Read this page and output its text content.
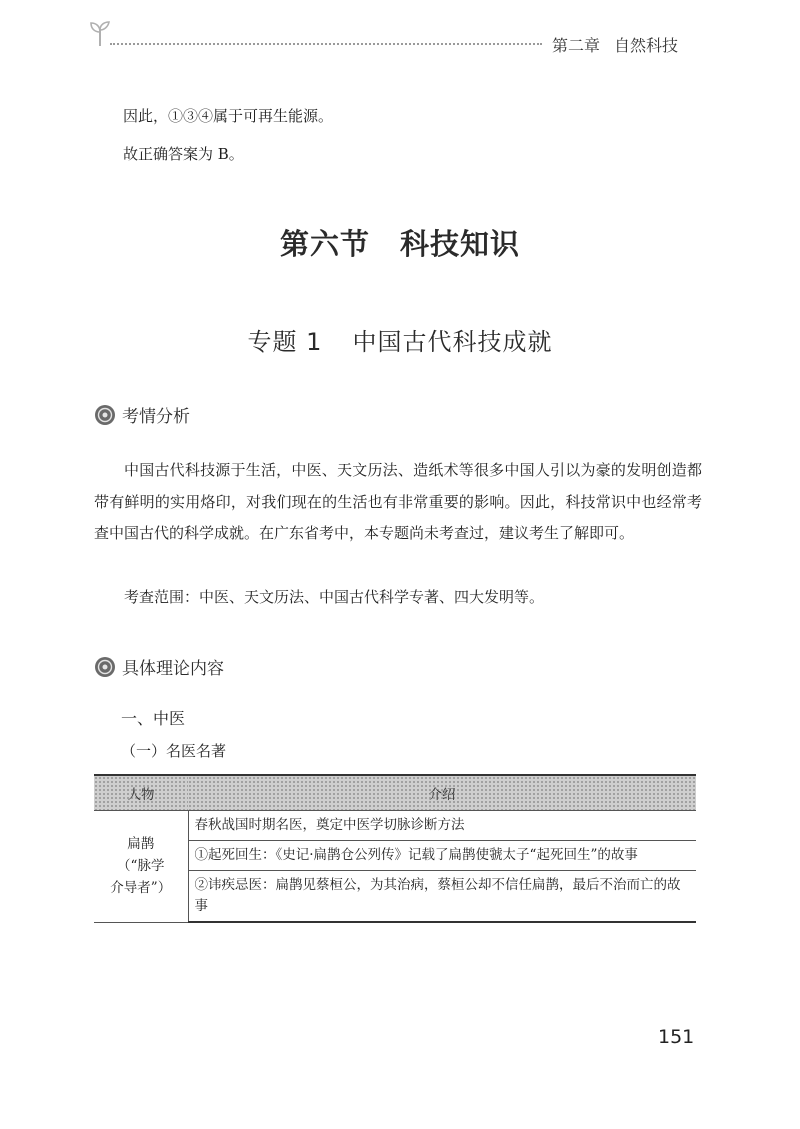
第二章 自然科技

因此，①③④属于可再生能源。

故正确答案为 B。

第六节 科技知识
专题 1 中国古代科技成就
考情分析

中国古代科技源于生活，中医、天文历法、造纸术等很多中国人引以为豪的发明创造都带有鲜明的实用烙印，对我们现在的生活也有非常重要的影响。因此，科技常识中也经常考查中国古代的科学成就。在广东省考中，本专题尚未考查过，建议考生了解即可。

考查范围：中医、天文历法、中国古代科学专著、四大发明等。

具体理论内容
一、中医
（一）名医名著
人物	介绍

扁鹊
（“脉学
介导者”）	春秋战国时期名医，奠定中医学切脉诊断方法
	①起死回生：《史记·扁鹊仓公列传》记载了扁鹊使虢太子“起死回生”的故事
	②讳疾忌医：扁鹊见蔡桓公，为其治病，蔡桓公却不信任扁鹊，最后不治而亡的故事
151
